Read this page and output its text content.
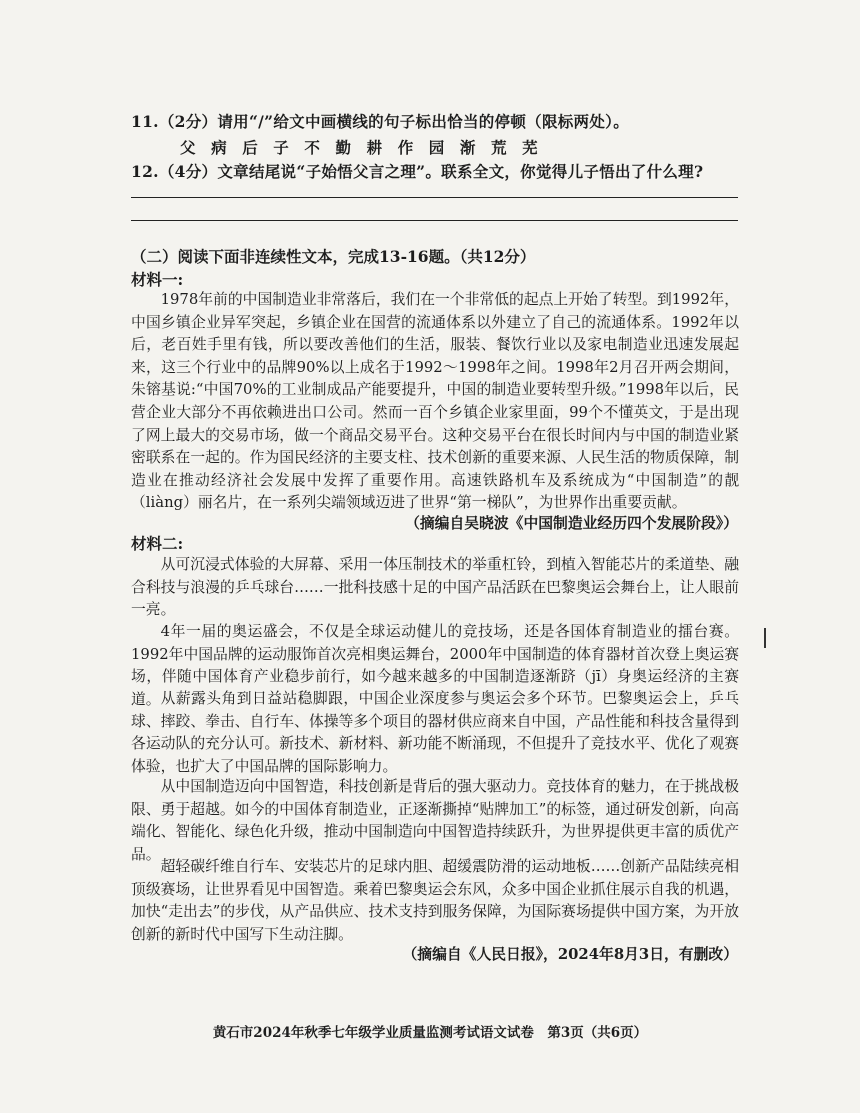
11.（2分）请用“/”给文中画横线的句子标出恰当的停顿（限标两处）。
父病后子不勤耕作园渐荒芜
12.（4分）文章结尾说“子始悟父言之理”。联系全文，你觉得儿子悟出了什么理?
（二）阅读下面非连续性文本，完成13-16题。（共12分）
材料一:

1978年前的中国制造业非常落后，我们在一个非常低的起点上开始了转型。到1992年，中国乡镇企业异军突起，乡镇企业在国营的流通体系以外建立了自己的流通体系。1992年以后，老百姓手里有钱，所以要改善他们的生活，服装、餐饮行业以及家电制造业迅速发展起来，这三个行业中的品牌90%以上成名于1992～1998年之间。1998年2月召开两会期间，朱镕基说:“中国70%的工业制成品产能要提升，中国的制造业要转型升级。”1998年以后，民营企业大部分不再依赖进出口公司。然而一百个乡镇企业家里面，99个不懂英文，于是出现了网上最大的交易市场，做一个商品交易平台。这种交易平台在很长时间内与中国的制造业紧密联系在一起的。作为国民经济的主要支柱、技术创新的重要来源、人民生活的物质保障，制造业在推动经济社会发展中发挥了重要作用。高速铁路机车及系统成为“中国制造”的靓（liàng）丽名片，在一系列尖端领域迈进了世界“第一梯队”，为世界作出重要贡献。

（摘编自吴晓波《中国制造业经历四个发展阶段》）
材料二:

从可沉浸式体验的大屏幕、采用一体压制技术的举重杠铃，到植入智能芯片的柔道垫、融合科技与浪漫的乒乓球台……一批科技感十足的中国产品活跃在巴黎奥运会舞台上，让人眼前一亮。

4年一届的奥运盛会，不仅是全球运动健儿的竞技场，还是各国体育制造业的擂台赛。1992年中国品牌的运动服饰首次亮相奥运舞台，2000年中国制造的体育器材首次登上奥运赛场，伴随中国体育产业稳步前行，如今越来越多的中国制造逐渐跻（jī）身奥运经济的主赛道。 从薪露头角到日益站稳脚跟，中国企业深度参与奥运会多个环节。巴黎奥运会上，乒乓球、摔跤、拳击、自行车、体操等多个项目的器材供应商来自中国，产品性能和科技含量得到各运动队的充分认可。新技术、新材料、新功能不断涌现，不但提升了竞技水平、优化了观赛体验，也扩大了中国品牌的国际影响力。

从中国制造迈向中国智造，科技创新是背后的强大驱动力。竞技体育的魅力，在于挑战极限、勇于超越。如今的中国体育制造业，正逐渐撕掉“贴牌加工”的标签，通过研发创新，向高端化、智能化、绿色化升级，推动中国制造向中国智造持续跃升，为世界提供更丰富的质优产品。

超轻碳纤维自行车、安装芯片的足球内胆、超缓震防滑的运动地板……创新产品陆续亮相顶级赛场，让世界看见中国智造。乘着巴黎奥运会东风，众多中国企业抓住展示自我的机遇，加快“走出去”的步伐，从产品供应、技术支持到服务保障，为国际赛场提供中国方案，为开放创新的新时代中国写下生动注脚。

（摘编自《人民日报》，2024年8月3日，有删改）
黄石市2024年秋季七年级学业质量监测考试语文试卷　第3页（共6页）
